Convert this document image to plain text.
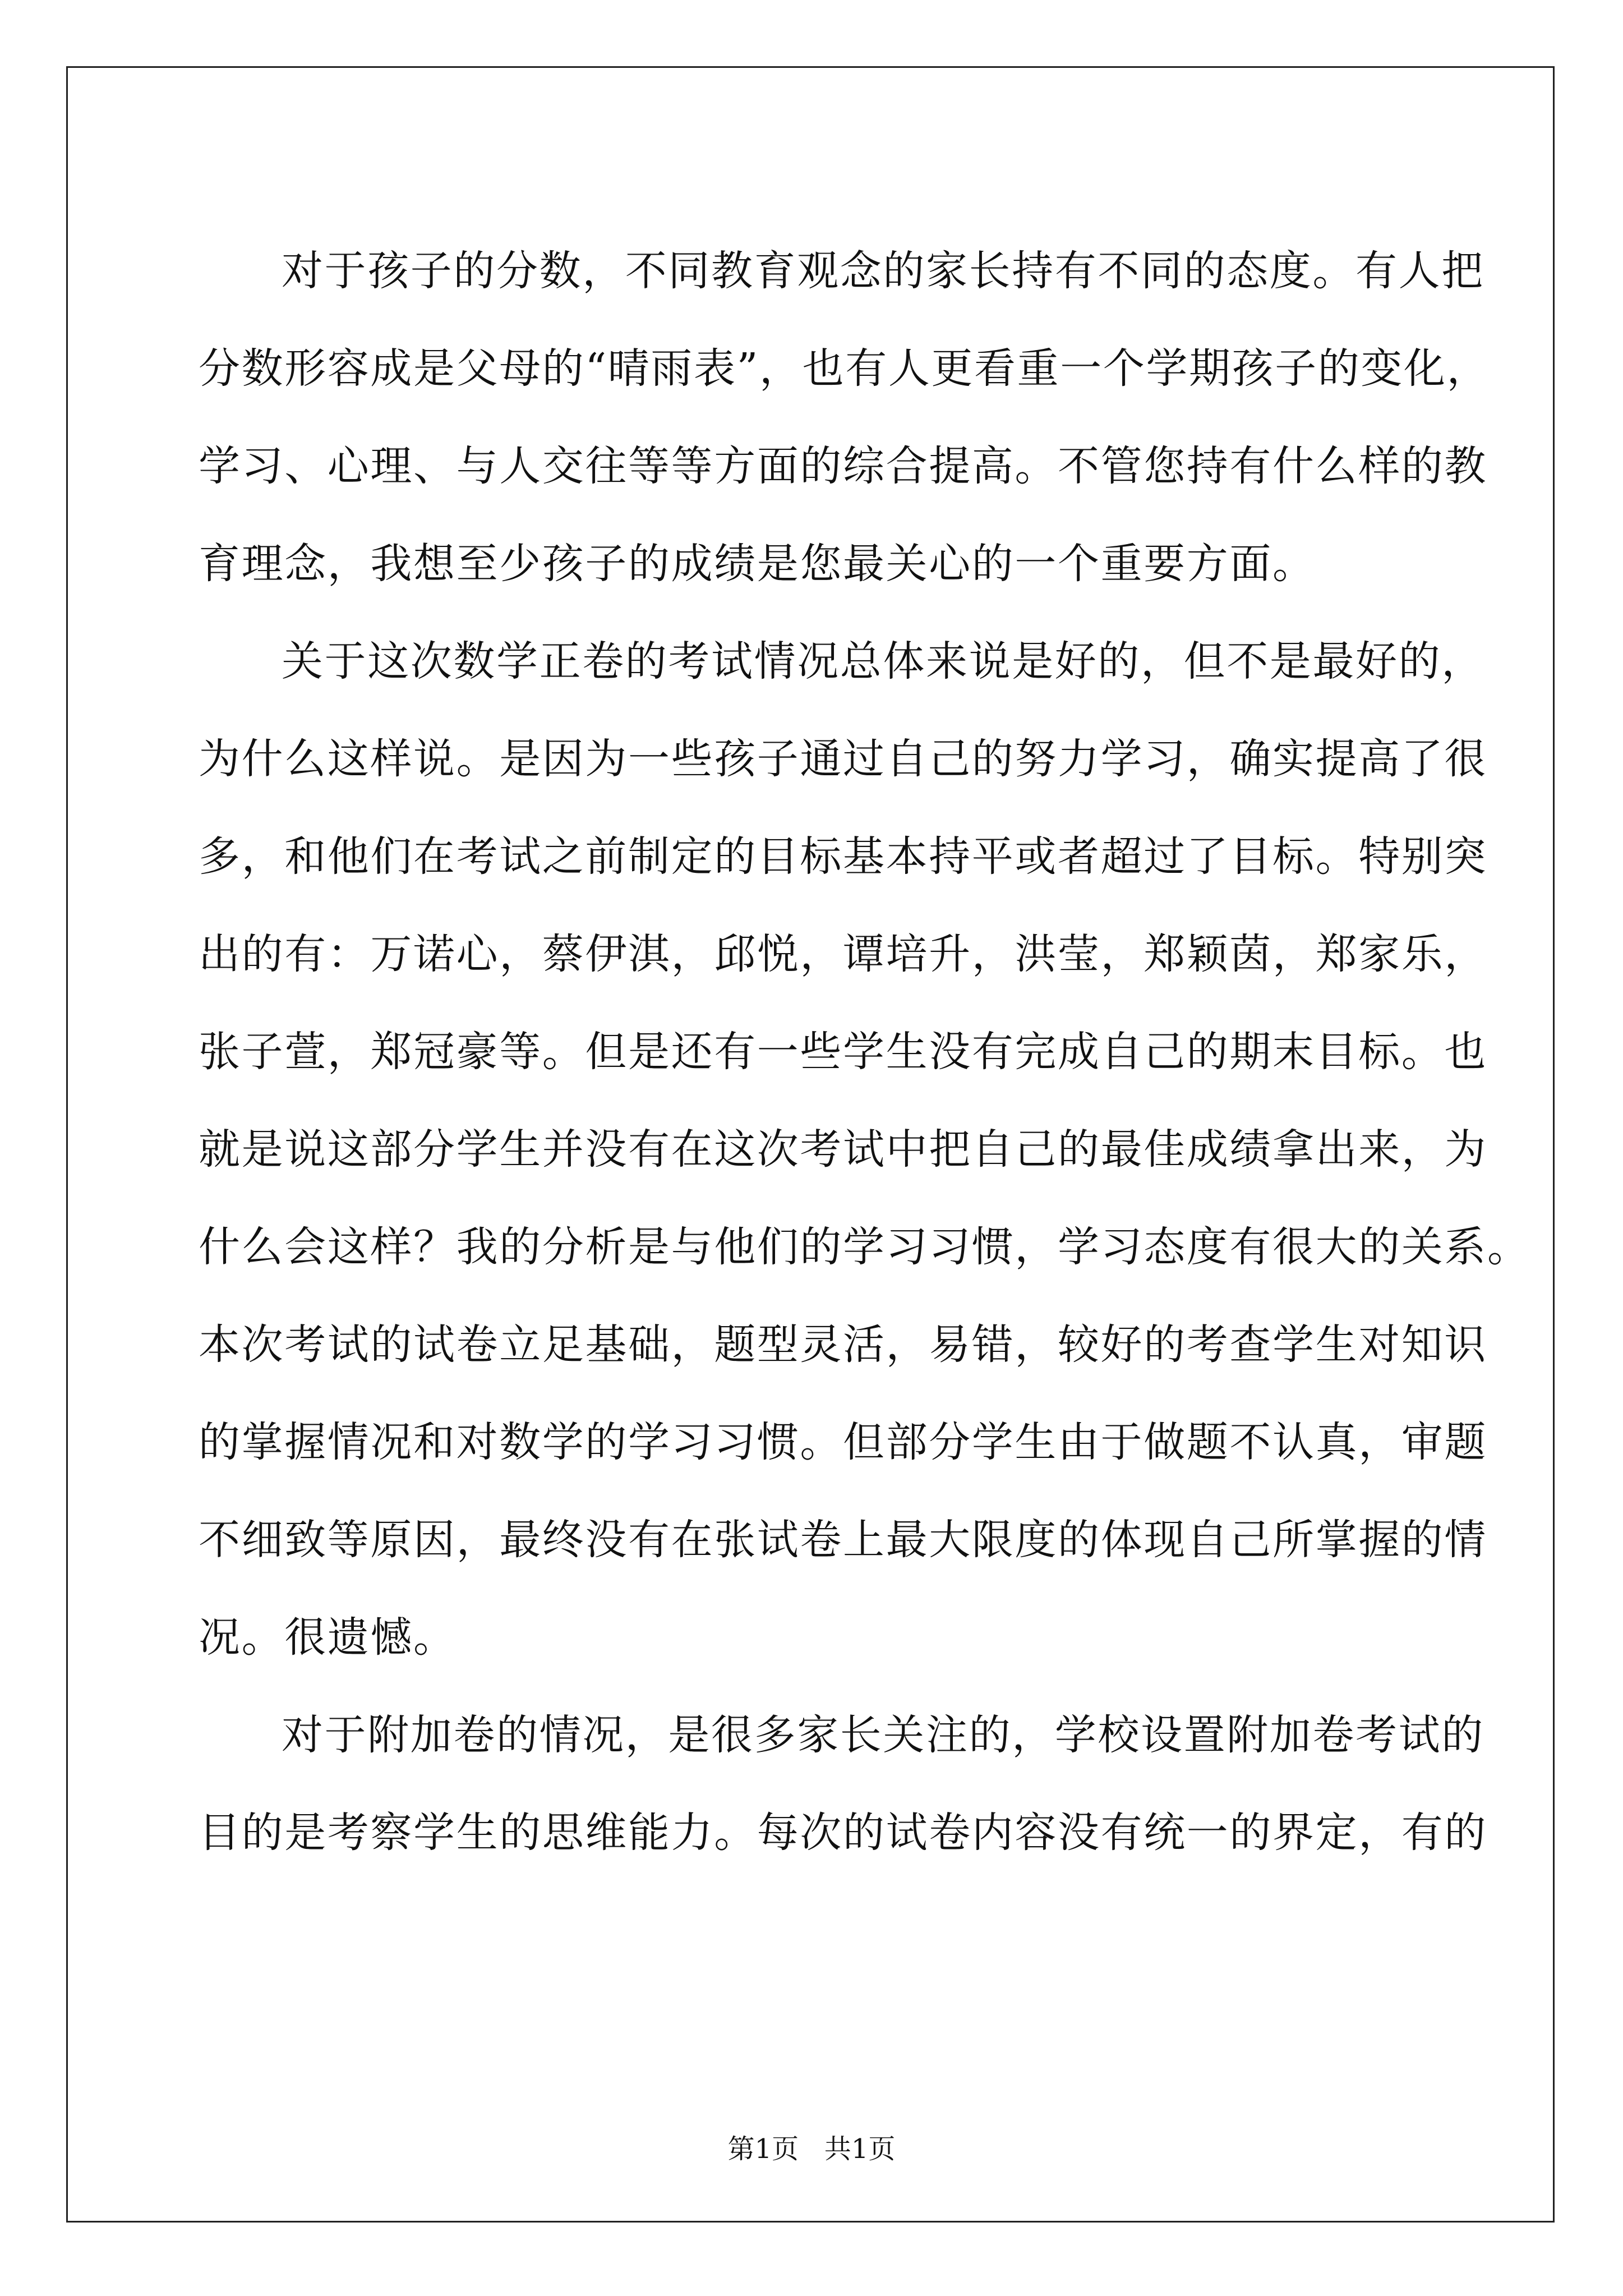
对于孩子的分数，不同教育观念的家长持有不同的态度。有人把
分数形容成是父母的“晴雨表”，也有人更看重一个学期孩子的变化，
学习、心理、与人交往等等方面的综合提高。不管您持有什么样的教
育理念，我想至少孩子的成绩是您最关心的一个重要方面。
关于这次数学正卷的考试情况总体来说是好的，但不是最好的，
为什么这样说。是因为一些孩子通过自己的努力学习，确实提高了很
多，和他们在考试之前制定的目标基本持平或者超过了目标。特别突
出的有：万诺心，蔡伊淇，邱悦，谭培升，洪莹，郑颖茵，郑家乐，
张子萱，郑冠豪等。但是还有一些学生没有完成自己的期末目标。也
就是说这部分学生并没有在这次考试中把自己的最佳成绩拿出来，为
什么会这样？我的分析是与他们的学习习惯，学习态度有很大的关系。
本次考试的试卷立足基础，题型灵活，易错，较好的考查学生对知识
的掌握情况和对数学的学习习惯。但部分学生由于做题不认真，审题
不细致等原因，最终没有在张试卷上最大限度的体现自己所掌握的情
况。很遗憾。
对于附加卷的情况，是很多家长关注的，学校设置附加卷考试的
目的是考察学生的思维能力。每次的试卷内容没有统一的界定，有的
第1页   共1页
